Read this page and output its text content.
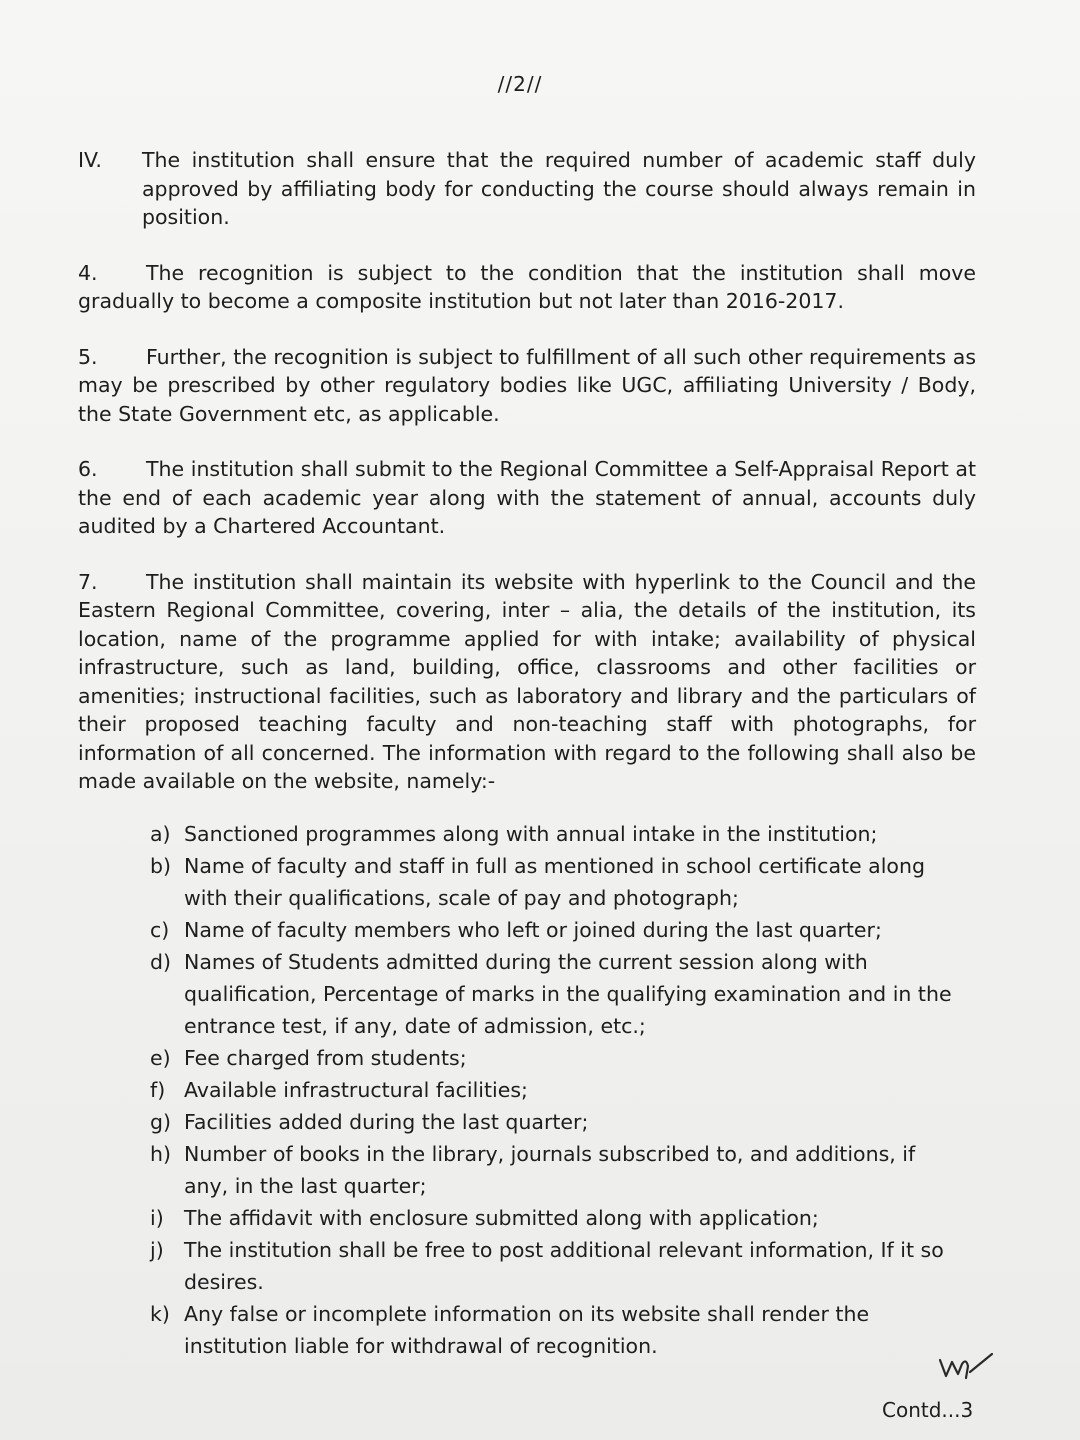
//2//
IV.	The institution shall ensure that the required number of academic staff duly approved by affiliating body for conducting the course should always remain in position.

4. The recognition is subject to the condition that the institution shall move gradually to become a composite institution but not later than 2016-2017.

5. Further, the recognition is subject to fulfillment of all such other requirements as may be prescribed by other regulatory bodies like UGC, affiliating University / Body, the State Government etc, as applicable.

6. The institution shall submit to the Regional Committee a Self-Appraisal Report at the end of each academic year along with the statement of annual, accounts duly audited by a Chartered Accountant.

7. The institution shall maintain its website with hyperlink to the Council and the Eastern Regional Committee, covering, inter – alia, the details of the institution, its location, name of the programme applied for with intake; availability of physical infrastructure, such as land, building, office, classrooms and other facilities or amenities; instructional facilities, such as laboratory and library and the particulars of their proposed teaching faculty and non-teaching staff with photographs, for information of all concerned. The information with regard to the following shall also be made available on the website, namely:-

a) Sanctioned programmes along with annual intake in the institution;
b) Name of faculty and staff in full as mentioned in school certificate along with their qualifications, scale of pay and photograph;
c) Name of faculty members who left or joined during the last quarter;
d) Names of Students admitted during the current session along with qualification, Percentage of marks in the qualifying examination and in the entrance test, if any, date of admission, etc.;
e) Fee charged from students;
f) Available infrastructural facilities;
g) Facilities added during the last quarter;
h) Number of books in the library, journals subscribed to, and additions, if any, in the last quarter;
i) The affidavit with enclosure submitted along with application;
j) The institution shall be free to post additional relevant information, If it so desires.
k) Any false or incomplete information on its website shall render the institution liable for withdrawal of recognition.
Contd...3
